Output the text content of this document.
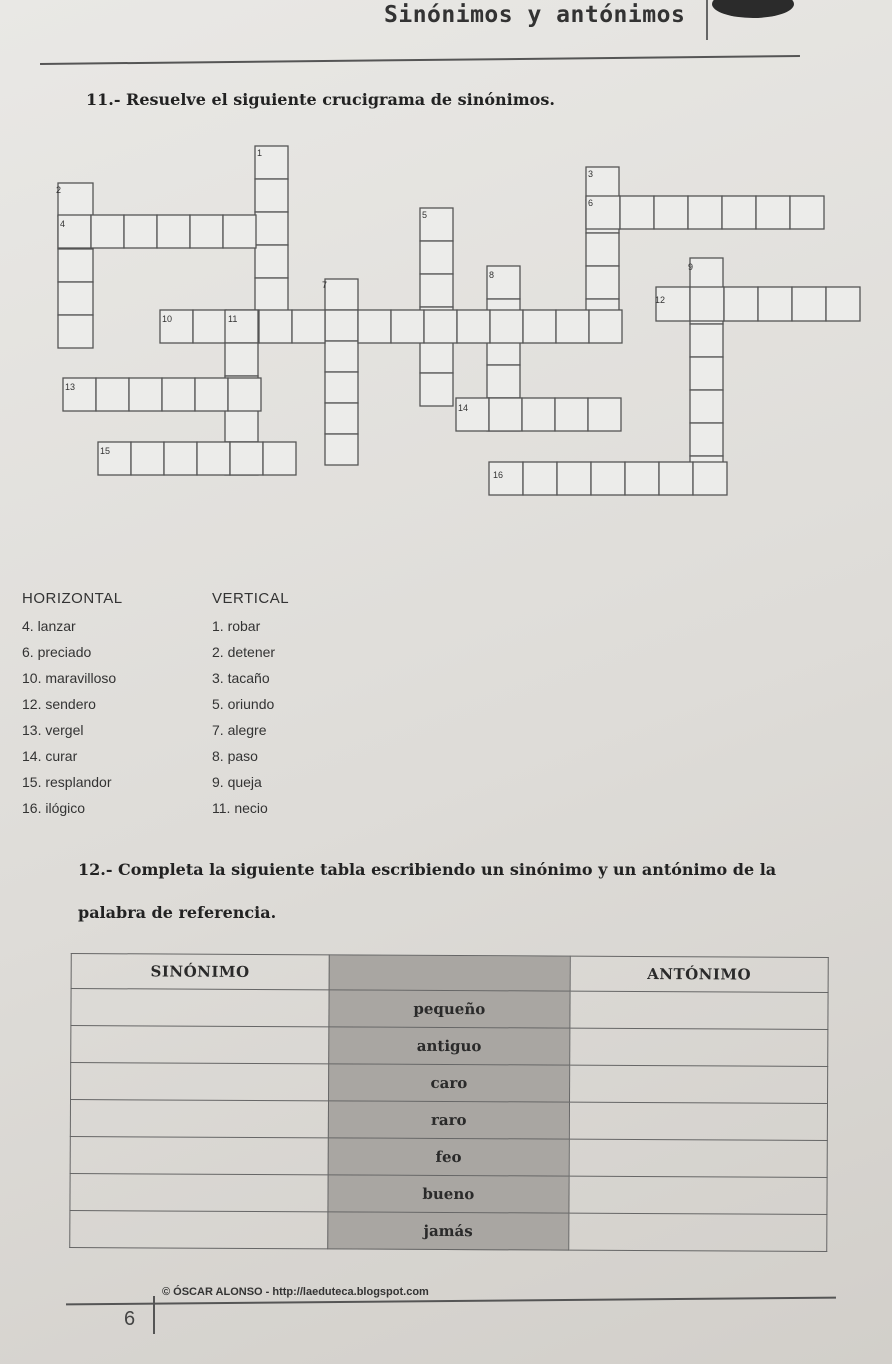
Sinónimos y antónimos
11.- Resuelve el siguiente crucigrama de sinónimos.
1
2
3
4
5
6
7
8
9
10	11
12
13
14
15
16
HORIZONTAL
4. lanzar
6. preciado
10. maravilloso
12. sendero
13. vergel
14. curar
15. resplandor
16. ilógico
VERTICAL
1. robar
2. detener
3. tacaño
5. oriundo
7. alegre
8. paso
9. queja
11. necio
12.- Completa la siguiente tabla escribiendo un sinónimo y un antónimo de la
palabra de referencia.
SINÓNIMO		ANTÓNIMO
	pequeño	
	antiguo	
	caro	
	raro	
	feo	
	bueno	
	jamás	
6
© ÓSCAR ALONSO - http://laeduteca.blogspot.com
